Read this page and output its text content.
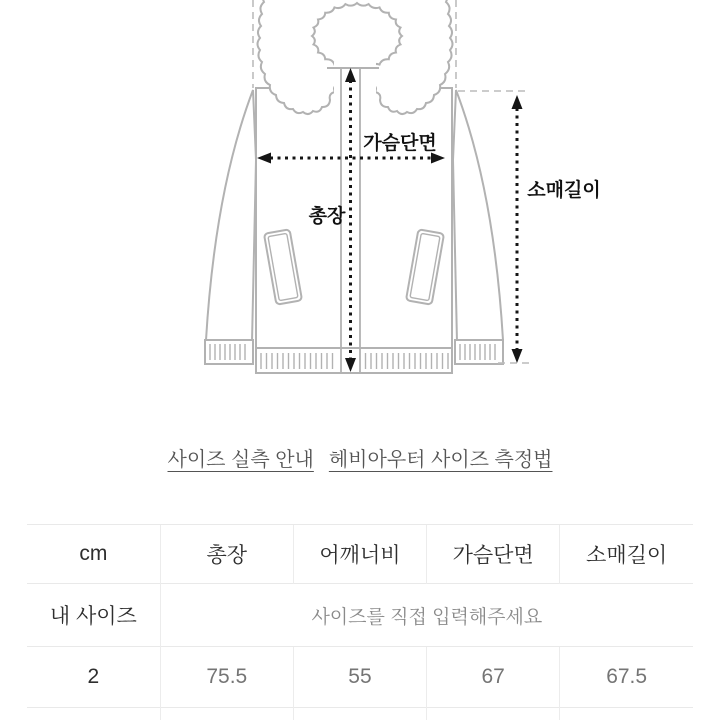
가슴단면
총장
소매길이
사이즈 실측 안내 헤비아우터 사이즈 측정법
cm	총장	어깨너비	가슴단면	소매길이
내 사이즈	사이즈를 직접 입력해주세요			
2	75.5	55	67	67.5
